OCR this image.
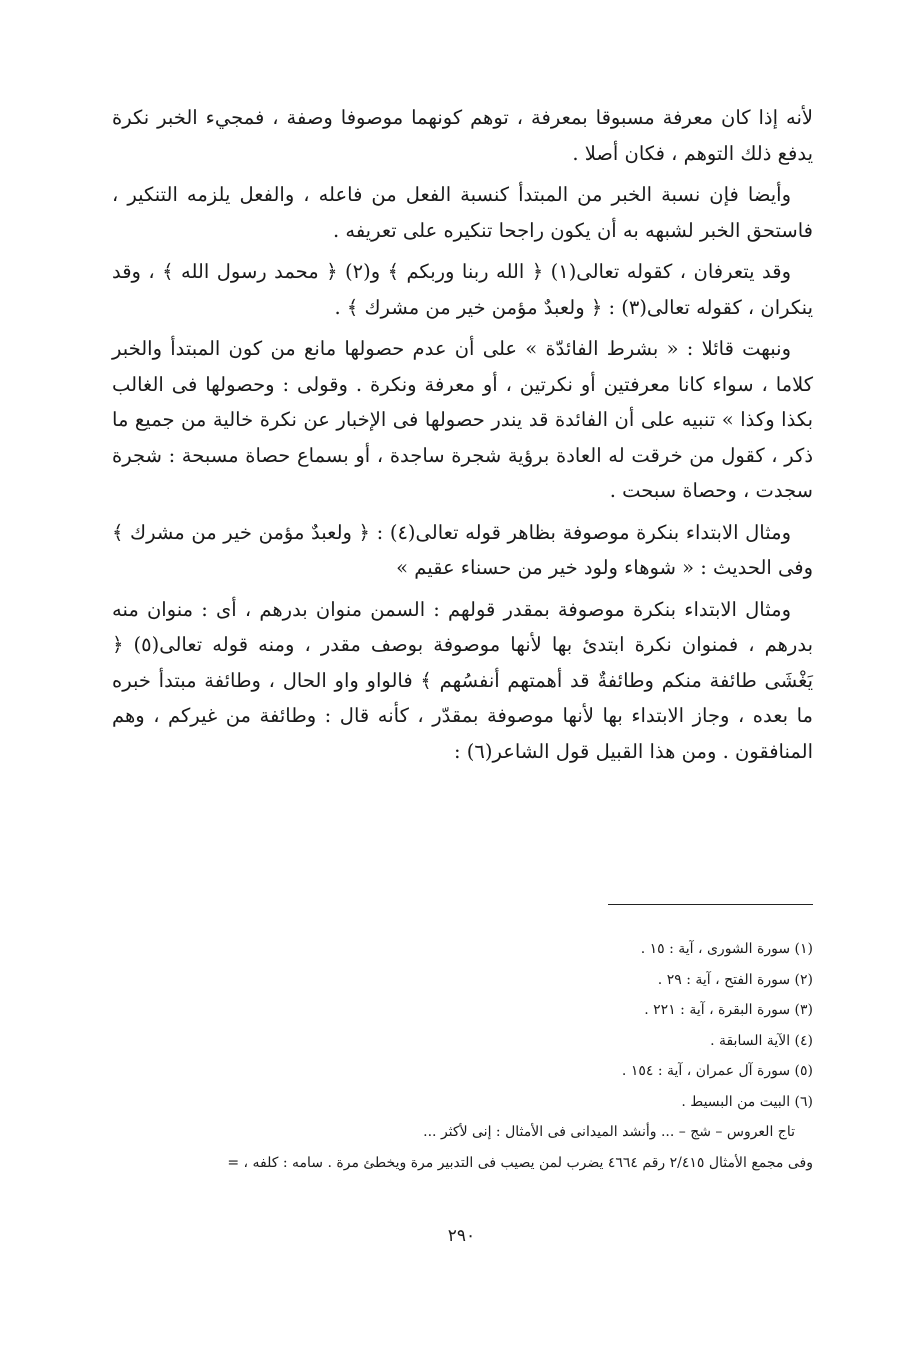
لأنه إذا كان معرفة مسبوقا بمعرفة ، توهم كونهما موصوفا وصفة ، فمجيء الخبر نكرة يدفع ذلك التوهم ، فكان أصلا .

وأيضا فإن نسبة الخبر من المبتدأ كنسبة الفعل من فاعله ، والفعل يلزمه التنكير ، فاستحق الخبر لشبهه به أن يكون راجحا تنكيره على تعريفه .

وقد يتعرفان ، كقوله تعالى(١) ﴿ الله ربنا وربكم ﴾ و(٢) ﴿ محمد رسول الله ﴾ ، وقد ينكران ، كقوله تعالى(٣) : ﴿ ولعبدٌ مؤمن خير من مشرك ﴾ .

ونبهت قائلا : « بشرط الفائدّة » على أن عدم حصولها مانع من كون المبتدأ والخبر كلاما ، سواء كانا معرفتين أو نكرتين ، أو معرفة ونكرة . وقولى : وحصولها فى الغالب بكذا وكذا » تنبيه على أن الفائدة قد يندر حصولها فى الإخبار عن نكرة خالية من جميع ما ذكر ، كقول من خرقت له العادة برؤية شجرة ساجدة ، أو بسماع حصاة مسبحة : شجرة سجدت ، وحصاة سبحت .

ومثال الابتداء بنكرة موصوفة بظاهر قوله تعالى(٤) : ﴿ ولعبدٌ مؤمن خير من مشرك ﴾ وفى الحديث : « شوهاء ولود خير من حسناء عقيم »

ومثال الابتداء بنكرة موصوفة بمقدر قولهم : السمن منوان بدرهم ، أى : منوان منه بدرهم ، فمنوان نكرة ابتدئ بها لأنها موصوفة بوصف مقدر ، ومنه قوله تعالى(٥) ﴿ يَغْشَى طائفة منكم وطائفةٌ قد أهمتهم أنفسُهم ﴾ فالواو واو الحال ، وطائفة مبتدأ خبره ما بعده ، وجاز الابتداء بها لأنها موصوفة بمقدّر ، كأنه قال : وطائفة من غيركم ، وهم المنافقون . ومن هذا القبيل قول الشاعر(٦) :

(١) سورة الشورى ، آية : ١٥ .

(٢) سورة الفتح ، آية : ٢٩ .

(٣) سورة البقرة ، آية : ٢٢١ .

(٤) الآية السابقة .

(٥) سورة آل عمران ، آية : ١٥٤ .

(٦) البيت من البسيط .

تاج العروس – شج – ... وأنشد الميدانى فى الأمثال : إنى لأكثر ...

وفى مجمع الأمثال ٢/٤١٥ رقم ٤٦٦٤ يضرب لمن يصيب فى التدبير مرة ويخطئ مرة . سامه : كلفه ، =

٢٩٠
